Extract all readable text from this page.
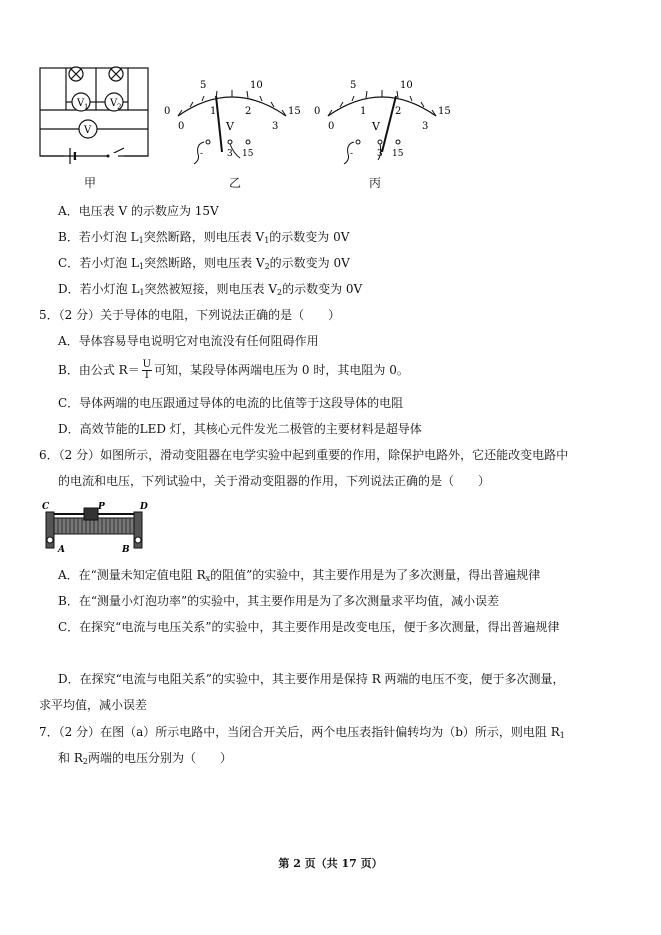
V 1 V 2
V
甲
0
5	10
15
0
1	2
3
V
-	3 15
乙
0
5	10
15
0
1	2
3
V
-	3 15
丙
A．电压表 V 的示数应为 15V
B．若小灯泡 $L_1$突然断路，则电压表 $V_1$的示数变为 0V
C．若小灯泡 $L_1$突然断路，则电压表 $V_2$的示数变为 0V
D．若小灯泡 $L_1$突然被短接，则电压表 $V_2$的示数变为 0V
5．（2 分）关于导体的电阻，下列说法正确的是（　　）
A．导体容易导电说明它对电流没有任何阻碍作用
B．由公式 $R= \frac{U}{I}$ 可知，某段导体两端电压为 0 时，其电阻为 0。
C．导体两端的电压跟通过导体的电流的比值等于这段导体的电阻
D．高效节能的LED 灯，其核心元件发光二极管的主要材料是超导体
6．（2 分）如图所示，滑动变阻器在电学实验中起到重要的作用，除保护电路外，它还能改变电路中
的电流和电压，下列试验中，关于滑动变阻器的作用，下列说法正确的是（　　）
C	P	D
A	B
A．在“测量未知定值电阻 $R_x$的阻值”的实验中，其主要作用是为了多次测量，得出普遍规律
B．在“测量小灯泡功率”的实验中，其主要作用是为了多次测量求平均值，减小误差
C．在探究“电流与电压关系”的实验中，其主要作用是改变电压，便于多次测量，得出普遍规律
D．在探究“电流与电阻关系”的实验中，其主要作用是保持 R 两端的电压不变，便于多次测量，
求平均值，减小误差
7．（2 分）在图（a）所示电路中，当闭合开关后，两个电压表指针偏转均为（b）所示，则电阻 $R_1$
和 $R_2$两端的电压分别为（　　）
第 2 页（共 17 页）
